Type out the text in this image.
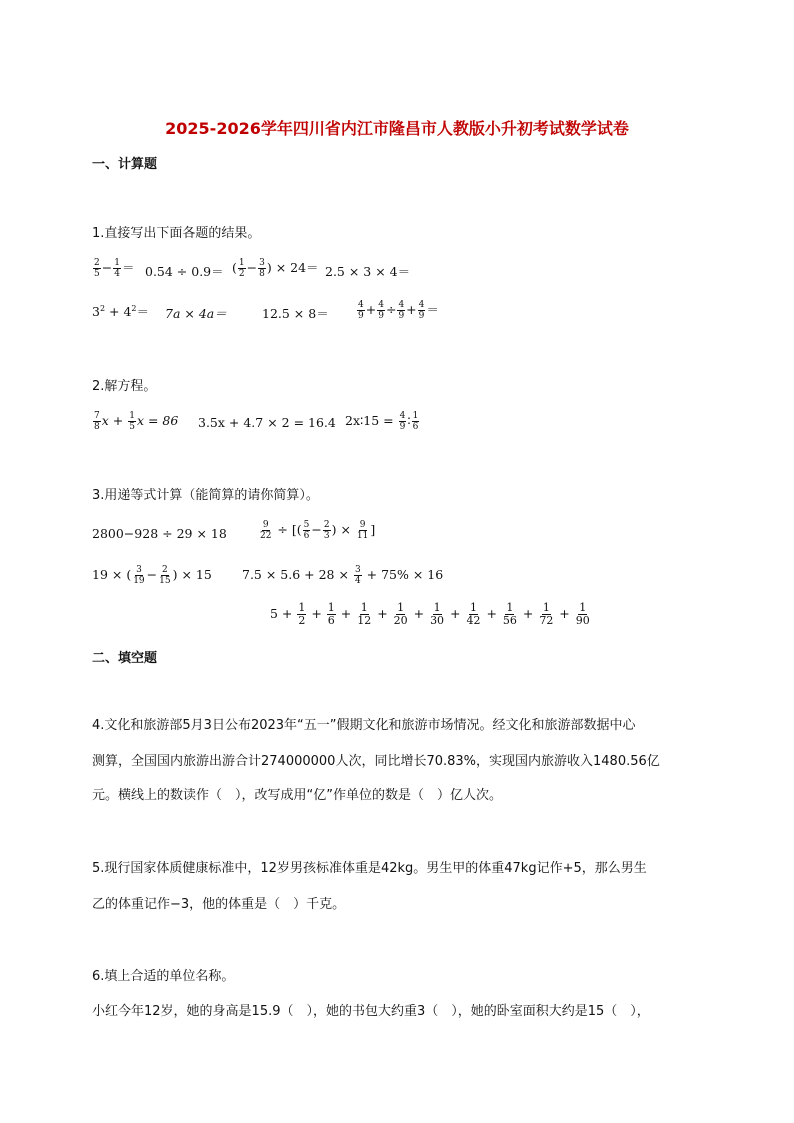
2025-2026学年四川省内江市隆昌市人教版小升初考试数学试卷
一、计算题
1.直接写出下面各题的结果。
$\frac{2}{5} - \frac{1}{4} = 0.54 \div 0.9=$ ( $\frac{1}{2} - \frac{3}{8}$ ) × 24＝ 2.5 × 3 × 4＝
$3^2 + 4^2= 7a \times 4a=$	12.5 × 8＝	$\frac{4}{9} + \frac{4}{9} \div \frac{4}{9} + \frac{4}{9}$ ＝
2.解方程。
$\frac{7}{8}$ $x + \frac{1}{5}$ x = 86 3.5x + 4.7 × 2 = 16.4 2x∶15 = $\frac{4}{9}$ ∶ $\frac{1}{6}$
3.用递等式计算（能简算的请你简算）。
2800−928 ÷ 29 × 18	$\frac{9}{22}$ ÷ [( $\frac{5}{6} - \frac{2}{3}$ ) × $\frac{9}{11}$ ]
19 × ( $\frac{3}{19} - \frac{2}{15}$ ) × 15 $7.5 \times 5.6 + 28 \times \frac{3}{4} + 75\% \times 16$
$5 + \frac{1}{2} + \frac{1}{6} + \frac{1}{12} + \frac{1}{20} + \frac{1}{30} + \frac{1}{42} + \frac{1}{56} + \frac{1}{72} + \frac{1}{90}$
二、填空题
4.文化和旅游部5月3日公布2023年“五一”假期文化和旅游市场情况。经文化和旅游部数据中心
测算，全国国内旅游出游合计274000000人次，同比增长70.83%，实现国内旅游收入1480.56亿
元。横线上的数读作（　），改写成用“亿”作单位的数是（　）亿人次。
5.现行国家体质健康标准中，12岁男孩标准体重是42kg。男生甲的体重47kg记作+5，那么男生
乙的体重记作−3，他的体重是（　）千克。
6.填上合适的单位名称。
小红今年12岁，她的身高是15.9（　），她的书包大约重3（　），她的卧室面积大约是15（　），
